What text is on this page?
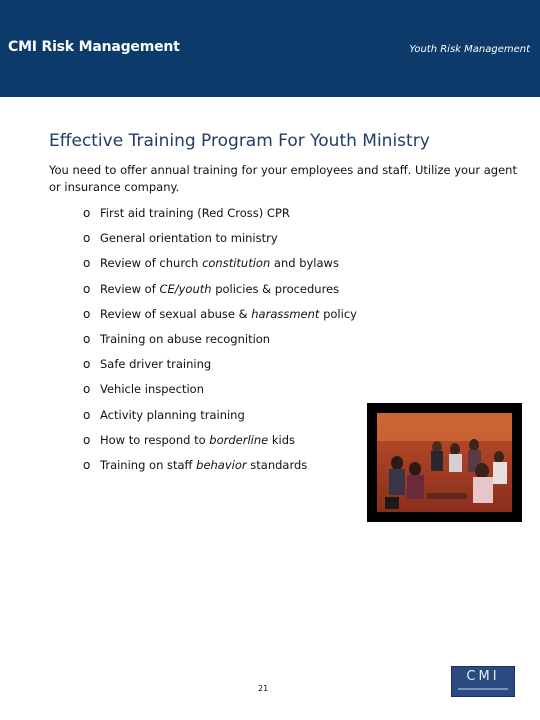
CMI Risk Management	Youth Risk Management
Effective Training Program For Youth Ministry

You need to offer annual training for your employees and staff. Utilize your agent or insurance company.

o First aid training (Red Cross) CPR
o General orientation to ministry
o Review of church constitution and bylaws
o Review of CE/youth policies & procedures
o Review of sexual abuse & harassment policy
o Training on abuse recognition
o Safe driver training
o Vehicle inspection
o Activity planning training
o How to respond to borderline kids
o Training on staff behavior standards
21
CMI
